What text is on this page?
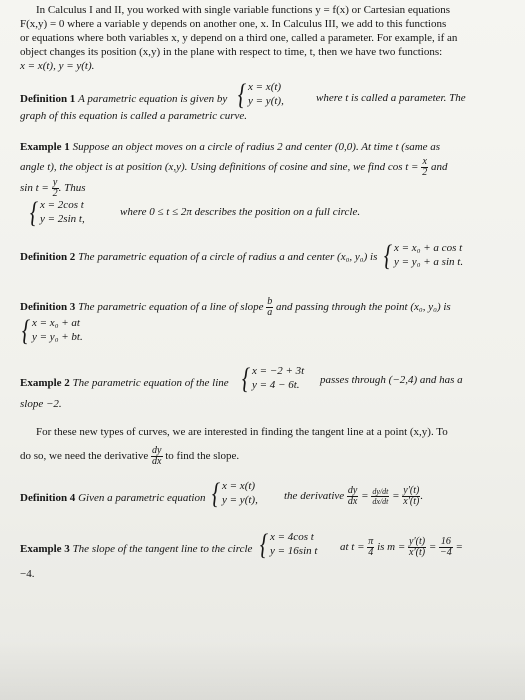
In Calculus I and II, you worked with single variable functions y = f(x) or Cartesian equations
F(x,y) = 0 where a variable y depends on another one, x. In Calculus III, we add to this functions
or equations where both variables x, y depend on a third one, called a parameter. For example, if an
object changes its position (x,y) in the plane with respect to time, t, then we have two functions:
x = x(t), y = y(t).
Definition 1 A parametric equation is given by { x = x(t)
y = y(t),	where t is called a parameter. The
graph of this equation is called a parametric curve.
Example 1 Suppose an object moves on a circle of radius 2 and center (0,0). At time t (same as
angle t), the object is at position (x,y). Using definitions of cosine and sine, we find $\cos t = \frac{x}{2}$ and
$\sin t = \frac{y}{2}$ . Thus
{ x = 2cos t
y = 2sin t,
where 0 ≤ t ≤ 2π describes the position on a full circle.
Definition 2 The parametric equation of a circle of radius a and center (x₀, y₀) is { x = x₀ + a cos t
y = y₀ + a sin t.
Definition 3 The parametric equation of a line of slope $\frac{b}{a}$ and passing through the point (x₀, y₀) is
{ x = x₀ + at
y = y₀ + bt.
Example 2 The parametric equation of the line { x = −2 + 3t
y = 4 − 6t.	passes through (−2,4) and has a
slope −2.
For these new types of curves, we are interested in finding the tangent line at a point (x,y). To
do so, we need the derivative $\frac{dy}{dx}$ to find the slope.
Definition 4 Given a parametric equation { x = x(t)
y = y(t), the derivative $\frac{dy}{dx} = \frac{dy/dt}{dx/dt} = \frac{y'(t)}{x'(t)}$ .
Example 3 The slope of the tangent line to the circle { x = 4cos t
y = 16sin t at $t = \frac{\pi}{4}$ is $m = \frac{y'(t)}{x'(t)} = \frac{16}{-4}$ =
−4.
